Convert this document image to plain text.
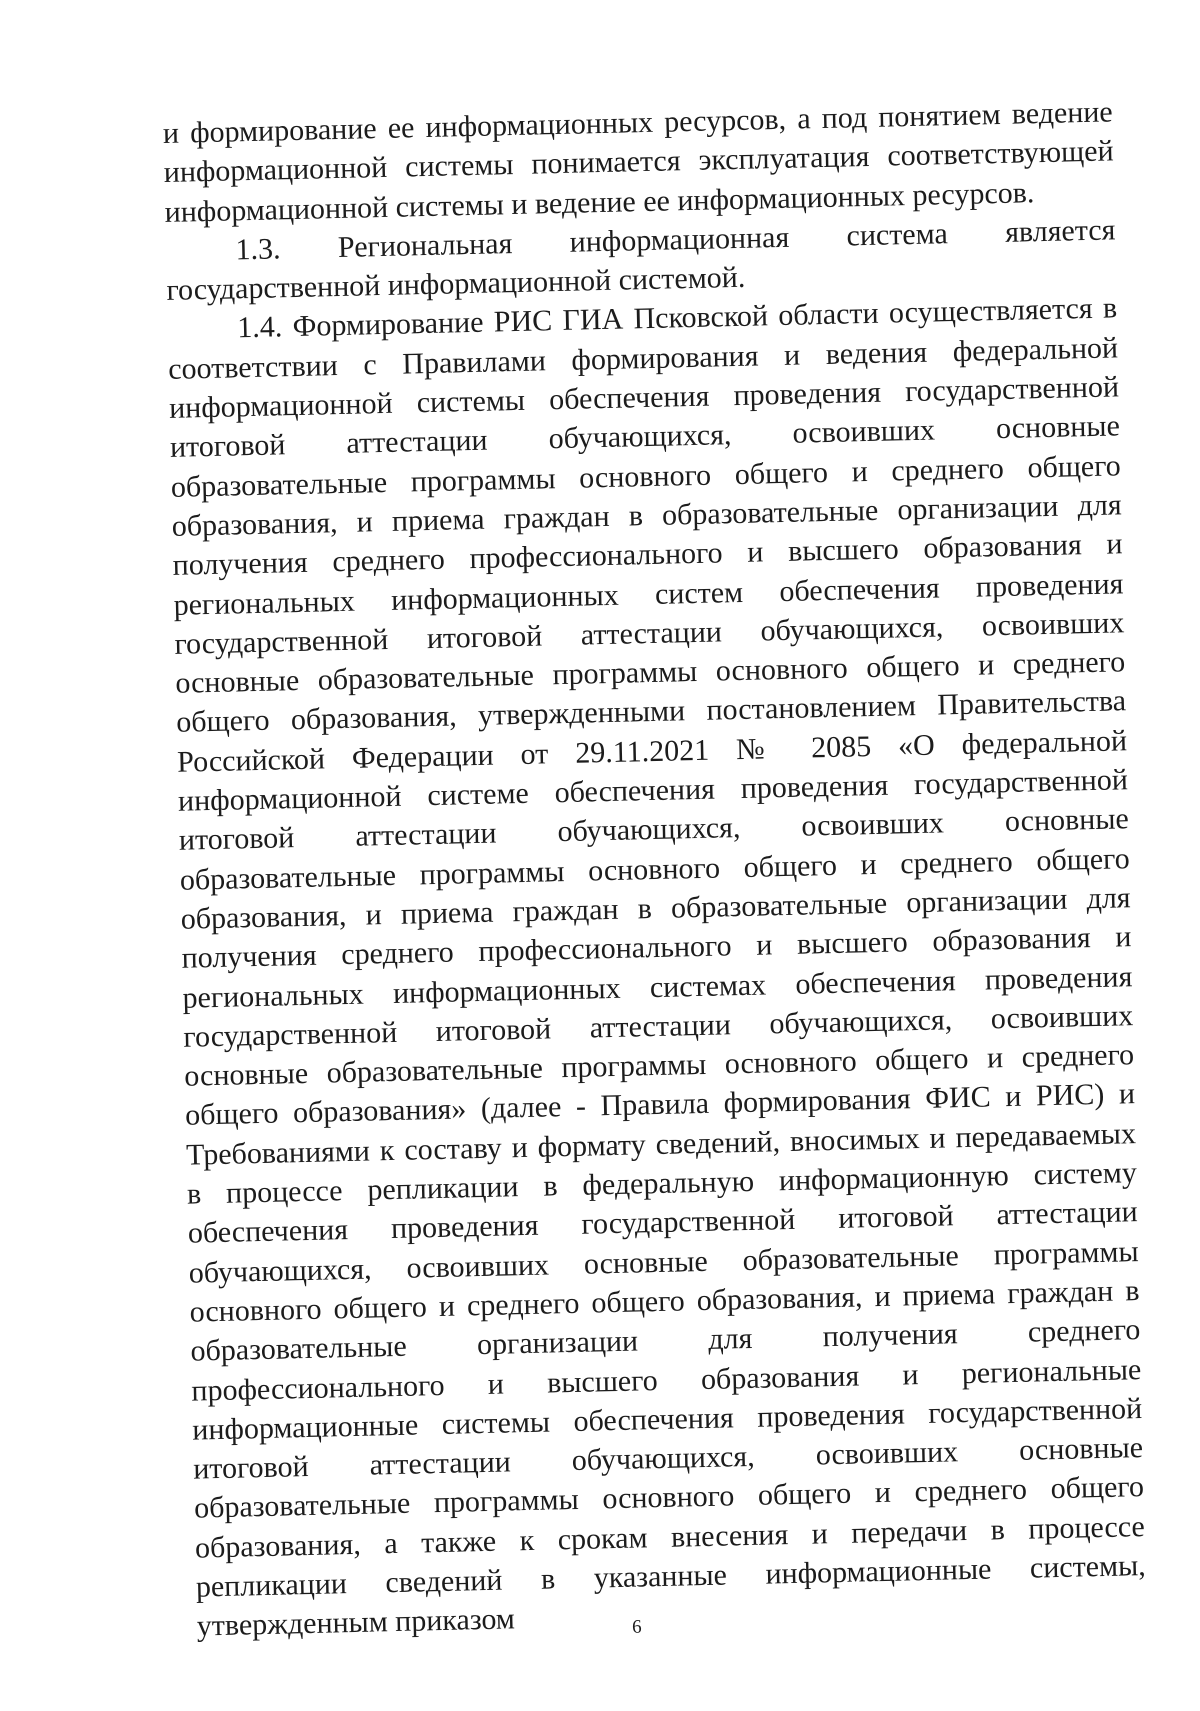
и формирование ее информационных ресурсов, а под понятием ведение информационной системы понимается эксплуатация соответствующей информационной системы и ведение ее информационных ресурсов.

1.3. Региональная информационная система является государственной информационной системой.

1.4. Формирование РИС ГИА Псковской области осуществляется в соответствии с Правилами формирования и ведения федеральной информационной системы обеспечения проведения государственной итоговой аттестации обучающихся, освоивших основные образовательные программы основного общего и среднего общего образования, и приема граждан в образовательные организации для получения среднего профессионального и высшего образования и региональных информационных систем обеспечения проведения государственной итоговой аттестации обучающихся, освоивших основные образовательные программы основного общего и среднего общего образования, утвержденными постановлением Правительства Российской Федерации от 29.11.2021 № 2085 «О федеральной информационной системе обеспечения проведения государственной итоговой аттестации обучающихся, освоивших основные образовательные программы основного общего и среднего общего образования, и приема граждан в образовательные организации для получения среднего профессионального и высшего образования и региональных информационных системах обеспечения проведения государственной итоговой аттестации обучающихся, освоивших основные образовательные программы основного общего и среднего общего образования» (далее - Правила формирования ФИС и РИС) и Требованиями к составу и формату сведений, вносимых и передаваемых в процессе репликации в федеральную информационную систему обеспечения проведения государственной итоговой аттестации обучающихся, освоивших основные образовательные программы основного общего и среднего общего образования, и приема граждан в образовательные организации для получения среднего профессионального и высшего образования и региональные информационные системы обеспечения проведения государственной итоговой аттестации обучающихся, освоивших основные образовательные программы основного общего и среднего общего образования, а также к срокам внесения и передачи в процессе репликации сведений в указанные информационные системы, утвержденным приказом	6
